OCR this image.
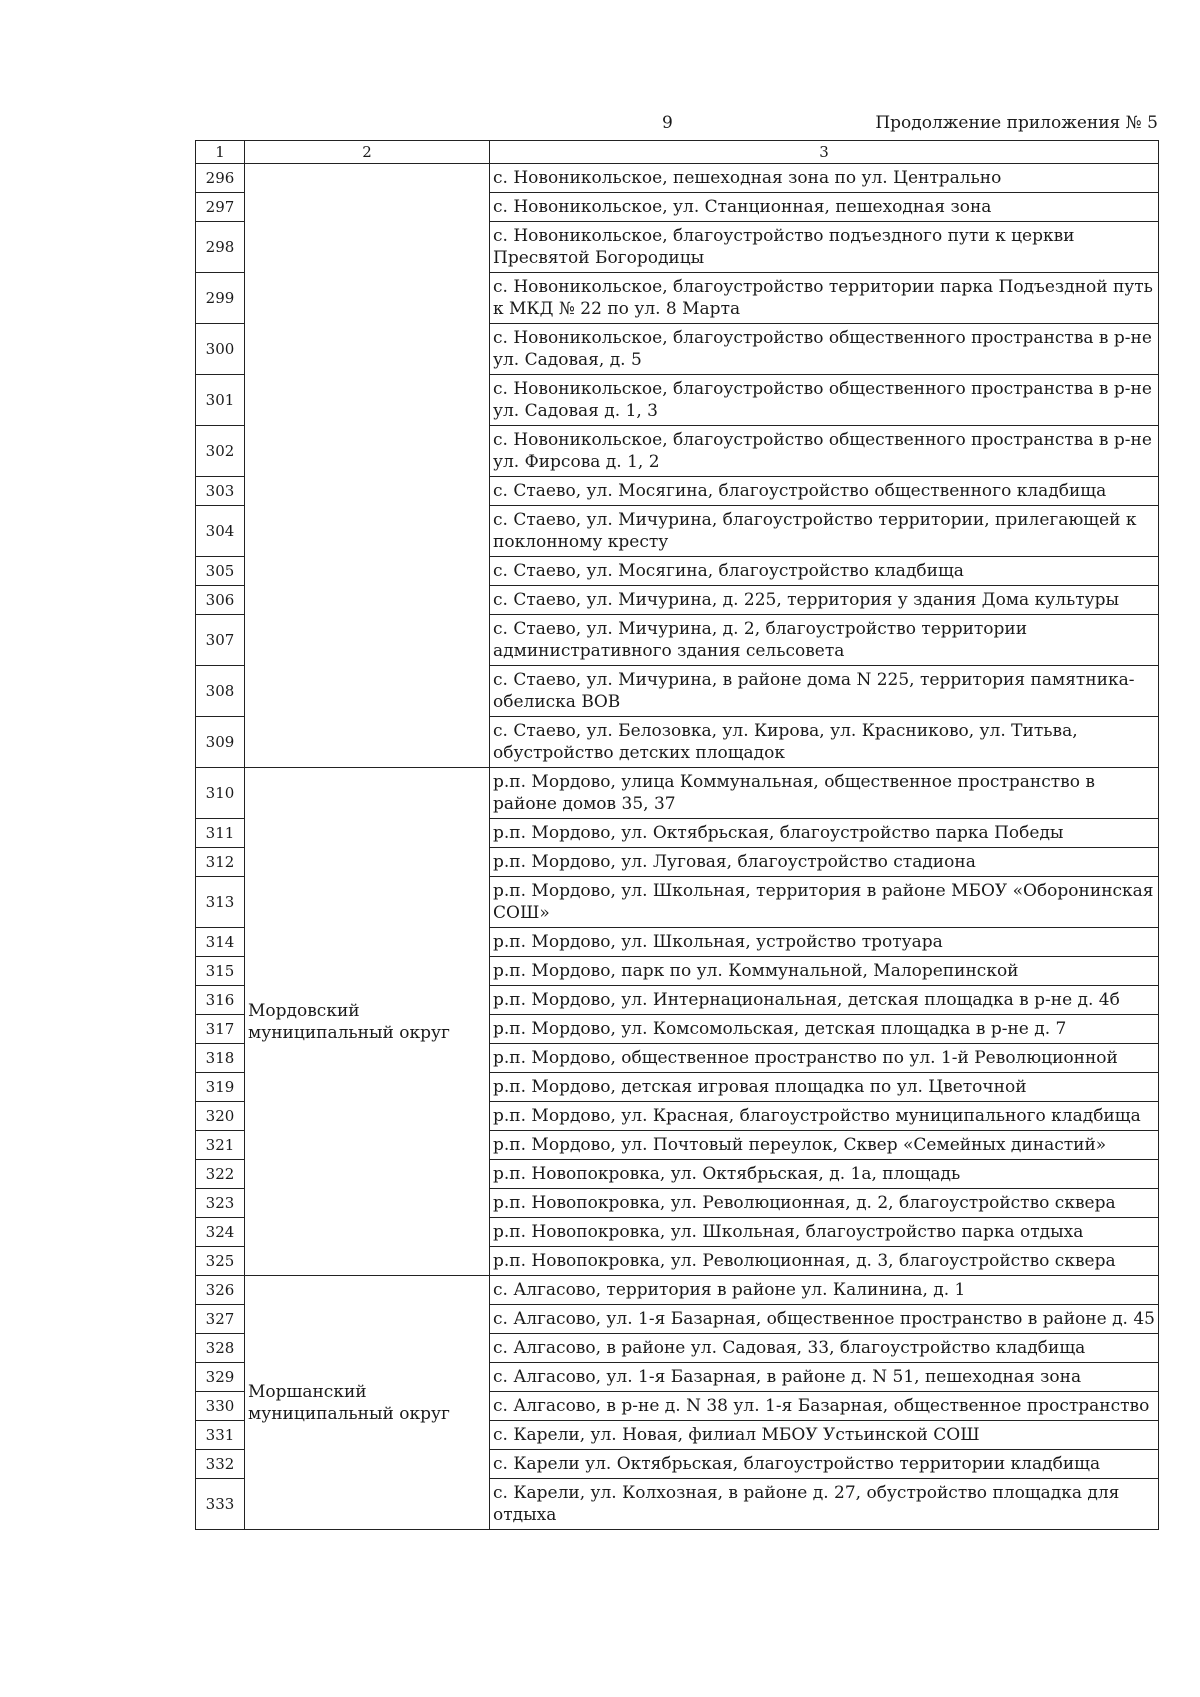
9	Продолжение приложения № 5
1	2	3
296		с. Новоникольское, пешеходная зона по ул. Центрально
297		с. Новоникольское, ул. Станционная, пешеходная зона
298		с. Новоникольское, благоустройство подъездного пути к церкви Пресвятой Богородицы
299		с. Новоникольское, благоустройство территории парка Подъездной путь к МКД № 22 по ул. 8 Марта
300		с. Новоникольское, благоустройство общественного пространства в р-не ул. Садовая, д. 5
301		с. Новоникольское, благоустройство общественного пространства в р-не ул. Садовая д. 1, 3
302		с. Новоникольское, благоустройство общественного пространства в р-не ул. Фирсова д. 1, 2
303		с. Стаево, ул. Мосягина, благоустройство общественного кладбища
304		с. Стаево, ул. Мичурина, благоустройство территории, прилегающей к поклонному кресту
305		с. Стаево, ул. Мосягина, благоустройство кладбища
306		с. Стаево, ул. Мичурина, д. 225, территория у здания Дома культуры
307		с. Стаево, ул. Мичурина, д. 2, благоустройство территории административного здания сельсовета
308		с. Стаево, ул. Мичурина, в районе дома N 225, территория памятника-обелиска ВОВ
309		с. Стаево, ул. Белозовка, ул. Кирова, ул. Красниково, ул. Титьва, обустройство детских площадок
310	Мордовский муниципальный округ	р.п. Мордово, улица Коммунальная, общественное пространство в районе домов 35, 37
311		р.п. Мордово, ул. Октябрьская, благоустройство парка Победы
312		р.п. Мордово, ул. Луговая, благоустройство стадиона
313		р.п. Мордово, ул. Школьная, территория в районе МБОУ «Оборонинская СОШ»
314		р.п. Мордово, ул. Школьная, устройство тротуара
315		р.п. Мордово, парк по ул. Коммунальной, Малорепинской
316		р.п. Мордово, ул. Интернациональная, детская площадка в р-не д. 4б
317		р.п. Мордово, ул. Комсомольская, детская площадка в р-не д. 7
318		р.п. Мордово, общественное пространство по ул. 1-й Революционной
319		р.п. Мордово, детская игровая площадка по ул. Цветочной
320		р.п. Мордово, ул. Красная, благоустройство муниципального кладбища
321		р.п. Мордово, ул. Почтовый переулок, Сквер «Семейных династий»
322		р.п. Новопокровка, ул. Октябрьская, д. 1а, площадь
323		р.п. Новопокровка, ул. Революционная, д. 2, благоустройство сквера
324		р.п. Новопокровка, ул. Школьная, благоустройство парка отдыха
325		р.п. Новопокровка, ул. Революционная, д. 3, благоустройство сквера
326	Моршанский муниципальный округ	с. Алгасово, территория в районе ул. Калинина, д. 1
327		с. Алгасово, ул. 1-я Базарная, общественное пространство в районе д. 45
328		с. Алгасово, в районе ул. Садовая, 33, благоустройство кладбища
329		с. Алгасово, ул. 1-я Базарная, в районе д. N 51, пешеходная зона
330		с. Алгасово, в р-не д. N 38 ул. 1-я Базарная, общественное пространство
331		с. Карели, ул. Новая, филиал МБОУ Устьинской СОШ
332		с. Карели ул. Октябрьская, благоустройство территории кладбища
333		с. Карели, ул. Колхозная, в районе д. 27, обустройство площадка для отдыха
